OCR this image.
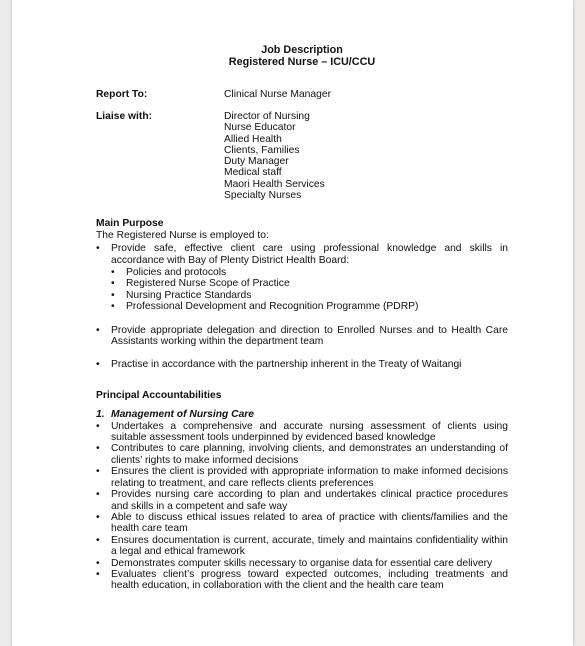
Job Description

Registered Nurse – ICU/CCU

Report To:	Clinical Nurse Manager
Liaise with:	Director of Nursing
Nurse Educator
Allied Health
Clients, Families
Duty Manager
Medical staff
Maori Health Services
Specialty Nurses
Main Purpose
The Registered Nurse is employed to:
• Provide safe, effective client care using professional knowledge and skills in accordance with Bay of Plenty District Health Board:
• Policies and protocols
• Registered Nurse Scope of Practice
• Nursing Practice Standards
• Professional Development and Recognition Programme (PDRP)
• Provide appropriate delegation and direction to Enrolled Nurses and to Health Care Assistants working within the department team
• Practise in accordance with the partnership inherent in the Treaty of Waitangi
Principal Accountabilities
1. Management of Nursing Care
• Undertakes a comprehensive and accurate nursing assessment of clients using suitable assessment tools underpinned by evidenced based knowledge
• Contributes to care planning, involving clients, and demonstrates an understanding of clients’ rights to make informed decisions
• Ensures the client is provided with appropriate information to make informed decisions relating to treatment, and care reflects clients preferences
• Provides nursing care according to plan and undertakes clinical practice procedures and skills in a competent and safe way
• Able to discuss ethical issues related to area of practice with clients/families and the health care team
• Ensures documentation is current, accurate, timely and maintains confidentiality within a legal and ethical framework
• Demonstrates computer skills necessary to organise data for essential care delivery
• Evaluates client’s progress toward expected outcomes, including treatments and health education, in collaboration with the client and the health care team
